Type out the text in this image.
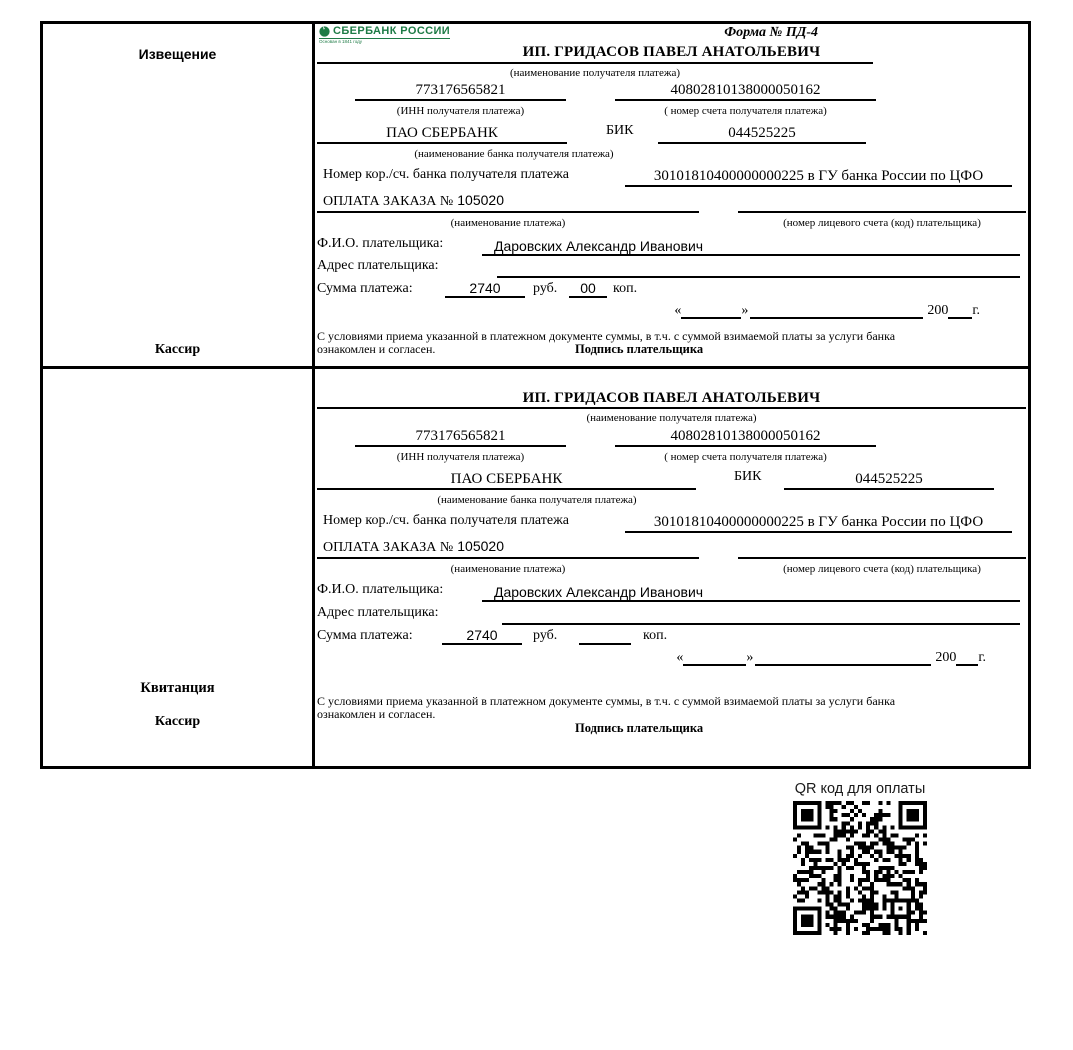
Извещение
Кассир
СБЕРБАНК РОССИИ
Основан в 1841 году
Форма № ПД-4
ИП. ГРИДАСОВ ПАВЕЛ АНАТОЛЬЕВИЧ
(наименование получателя платежа)
773176565821	40802810138000050162
(ИНН получателя платежа)	( номер счета получателя платежа)
ПАО СБЕРБАНК	БИК	044525225
(наименование банка получателя платежа)
Номер кор./сч. банка получателя платежа	30101810400000000225 в ГУ банка России по ЦФО
ОПЛАТА ЗАКАЗА № 105020
(наименование платежа)	(номер лицевого счета (код) плательщика)
Ф.И.О. плательщика:	Даровских Александр Иванович
Адрес плательщика:
Сумма платежа:	2740	руб.	00	коп.
«	»	200 г.
С условиями приема указанной в платежном документе суммы, в т.ч. с суммой взимаемой платы за услуги банка
ознакомлен и согласен.	Подпись плательщика
Квитанция
Кассир
ИП. ГРИДАСОВ ПАВЕЛ АНАТОЛЬЕВИЧ
(наименование получателя платежа)
773176565821	40802810138000050162
(ИНН получателя платежа)	( номер счета получателя платежа)
ПАО СБЕРБАНК	БИК	044525225
(наименование банка получателя платежа)
Номер кор./сч. банка получателя платежа	30101810400000000225 в ГУ банка России по ЦФО
ОПЛАТА ЗАКАЗА № 105020
(наименование платежа)	(номер лицевого счета (код) плательщика)
Ф.И.О. плательщика:	Даровских Александр Иванович
Адрес плательщика:
Сумма платежа:	2740	руб.	коп.
«	»	200 г.
С условиями приема указанной в платежном документе суммы, в т.ч. с суммой взимаемой платы за услуги банка
ознакомлен и согласен.
Подпись плательщика
QR код для оплаты
